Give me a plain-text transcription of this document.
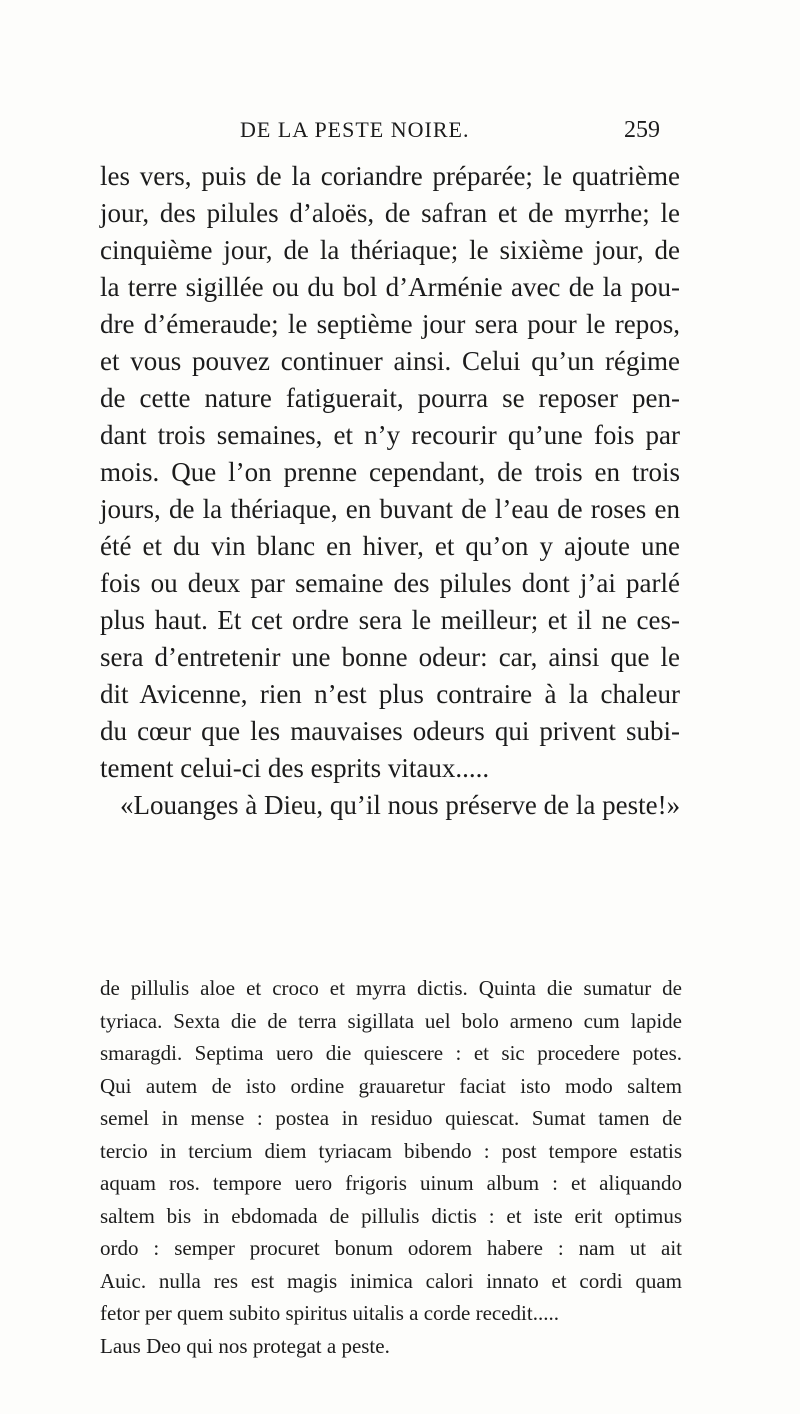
DE LA PESTE NOIRE.	259
les vers, puis de la coriandre préparée; le quatrième
jour, des pilules d’aloës, de safran et de myrrhe; le
cinquième jour, de la thériaque; le sixième jour, de
la terre sigillée ou du bol d’Arménie avec de la pou-
dre d’émeraude; le septième jour sera pour le repos,
et vous pouvez continuer ainsi. Celui qu’un régime
de cette nature fatiguerait, pourra se reposer pen-
dant trois semaines, et n’y recourir qu’une fois par
mois. Que l’on prenne cependant, de trois en trois
jours, de la thériaque, en buvant de l’eau de roses en
été et du vin blanc en hiver, et qu’on y ajoute une
fois ou deux par semaine des pilules dont j’ai parlé
plus haut. Et cet ordre sera le meilleur; et il ne ces-
sera d’entretenir une bonne odeur: car, ainsi que le
dit Avicenne, rien n’est plus contraire à la chaleur
du cœur que les mauvaises odeurs qui privent subi-
tement celui-ci des esprits vitaux.....
«Louanges à Dieu, qu’il nous préserve de la peste!»
de pillulis aloe et croco et myrra dictis. Quinta die sumatur de
tyriaca. Sexta die de terra sigillata uel bolo armeno cum lapide
smaragdi. Septima uero die quiescere : et sic procedere potes.
Qui autem de isto ordine grauaretur faciat isto modo saltem
semel in mense : postea in residuo quiescat. Sumat tamen de
tercio in tercium diem tyriacam bibendo : post tempore estatis
aquam ros. tempore uero frigoris uinum album : et aliquando
saltem bis in ebdomada de pillulis dictis : et iste erit optimus
ordo : semper procuret bonum odorem habere : nam ut ait
Auic. nulla res est magis inimica calori innato et cordi quam
fetor per quem subito spiritus uitalis a corde recedit.....
Laus Deo qui nos protegat a peste.
